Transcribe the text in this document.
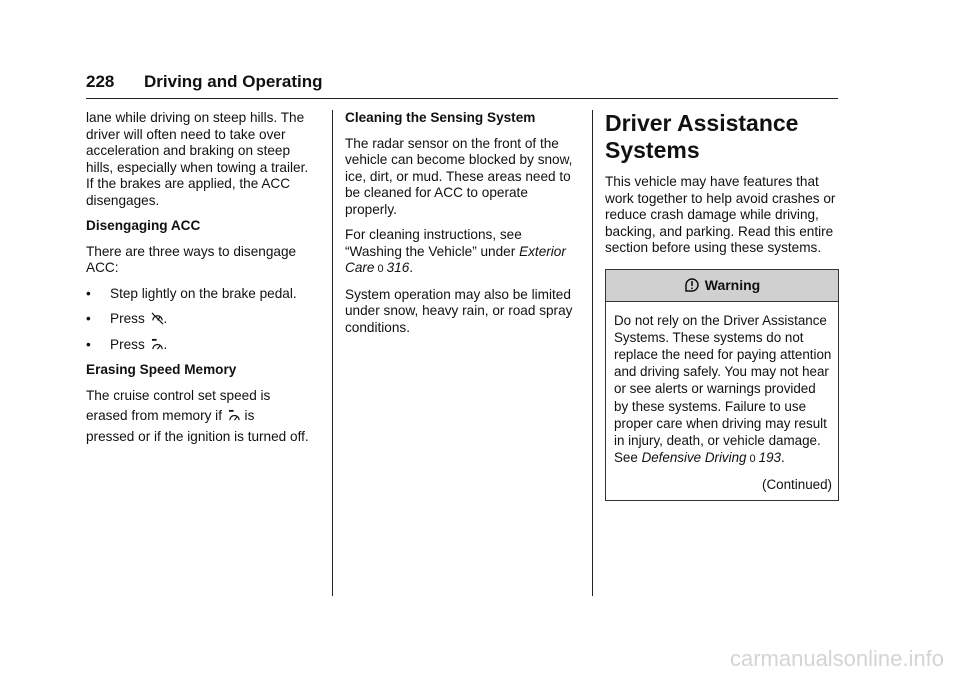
228 Driving and Operating

lane while driving on steep hills. The driver will often need to take over acceleration and braking on steep hills, especially when towing a trailer. If the brakes are applied, the ACC disengages.

Disengaging ACC

There are three ways to disengage ACC:

• Step lightly on the brake pedal.
• Press .
• Press .

Erasing Speed Memory

The cruise control set speed is

erased from memory if is

pressed or if the ignition is turned off.

Cleaning the Sensing System

The radar sensor on the front of the vehicle can become blocked by snow, ice, dirt, or mud. These areas need to be cleaned for ACC to operate properly.

For cleaning instructions, see “Washing the Vehicle” under Exterior Care 0 316.

System operation may also be limited under snow, heavy rain, or road spray conditions.

Driver Assistance Systems

This vehicle may have features that work together to help avoid crashes or reduce crash damage while driving, backing, and parking. Read this entire section before using these systems.

Warning
Do not rely on the Driver Assistance Systems. These systems do not replace the need for paying attention and driving safely. You may not hear or see alerts or warnings provided by these systems. Failure to use proper care when driving may result in injury, death, or vehicle damage. See Defensive Driving 0 193.
(Continued)
carmanualsonline.info
